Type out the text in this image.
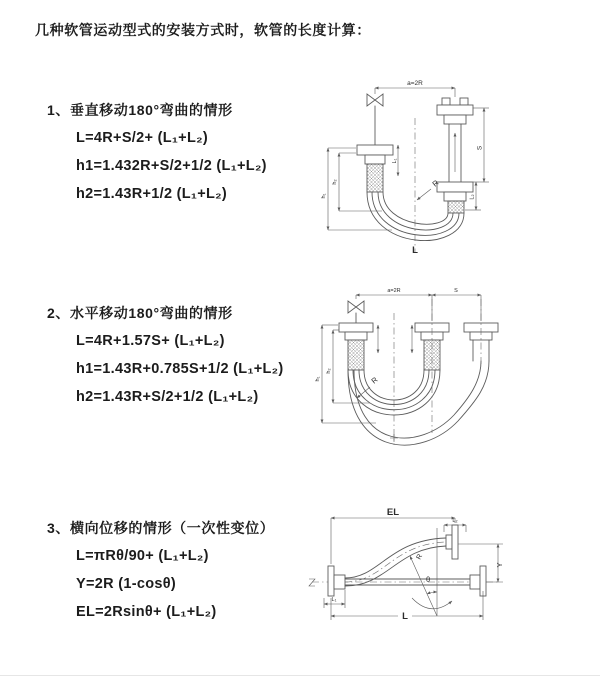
几种软管运动型式的安装方式时，软管的长度计算：
1、垂直移动180°弯曲的情形
L=4R+S/2+ (L₁+L₂)
h1=1.432R+S/2+1/2 (L₁+L₂)
h2=1.43R+1/2 (L₁+L₂)
2、水平移动180°弯曲的情形
L=4R+1.57S+ (L₁+L₂)
h1=1.43R+0.785S+1/2 (L₁+L₂)
h2=1.43R+S/2+1/2 (L₁+L₂)
3、横向位移的情形（一次性变位）
L=πRθ/90+ (L₁+L₂)
Y=2R (1-cosθ)
EL=2Rsinθ+ (L₁+L₂)
a=2R
L₁
S
L₂
h₁
h₂	R
L
a=2R	S
h₁
h₂
R
EL
L₂
Y
R
θ
L₁
L
